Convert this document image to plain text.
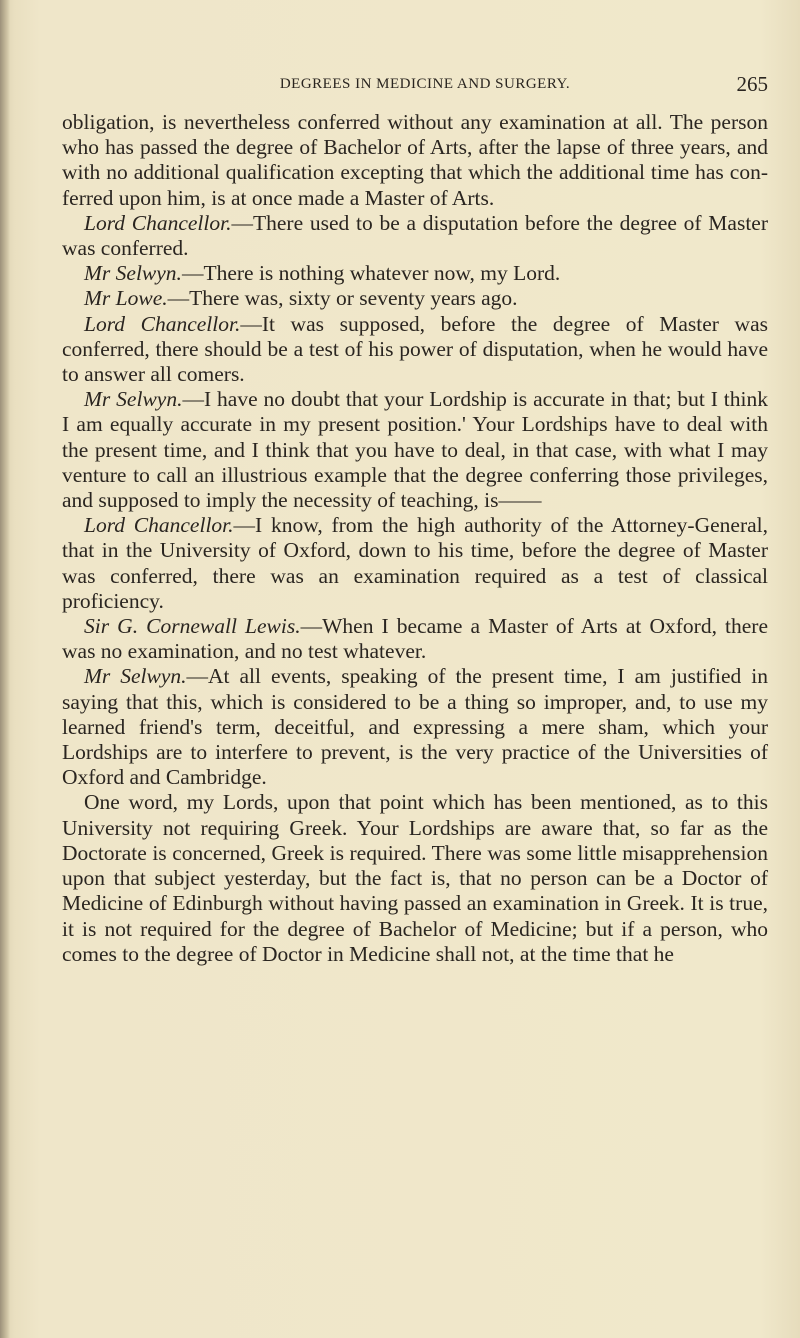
DEGREES IN MEDICINE AND SURGERY.	265

obligation, is nevertheless conferred without any examination at all. The person who has passed the degree of Bachelor of Arts, after the lapse of three years, and with no additional qualification excepting that which the additional time has conferred upon him, is at once made a Master of Arts.

Lord Chancellor.—There used to be a disputation before the degree of Master was conferred.

Mr Selwyn.—There is nothing whatever now, my Lord.

Mr Lowe.—There was, sixty or seventy years ago.

Lord Chancellor.—It was supposed, before the degree of Master was conferred, there should be a test of his power of disputation, when he would have to answer all comers.

Mr Selwyn.—I have no doubt that your Lordship is accurate in that; but I think I am equally accurate in my present position.' Your Lordships have to deal with the present time, and I think that you have to deal, in that case, with what I may venture to call an illustrious example that the degree conferring those privileges, and supposed to imply the necessity of teaching, is——

Lord Chancellor.—I know, from the high authority of the Attorney-General, that in the University of Oxford, down to his time, before the degree of Master was conferred, there was an examination required as a test of classical proficiency.

Sir G. Cornewall Lewis.—When I became a Master of Arts at Oxford, there was no examination, and no test whatever.

Mr Selwyn.—At all events, speaking of the present time, I am justified in saying that this, which is considered to be a thing so improper, and, to use my learned friend's term, deceitful, and expressing a mere sham, which your Lordships are to interfere to prevent, is the very practice of the Universities of Oxford and Cambridge.

One word, my Lords, upon that point which has been mentioned, as to this University not requiring Greek. Your Lordships are aware that, so far as the Doctorate is concerned, Greek is required. There was some little misapprehension upon that subject yesterday, but the fact is, that no person can be a Doctor of Medicine of Edinburgh without having passed an examination in Greek. It is true, it is not required for the degree of Bachelor of Medicine; but if a person, who comes to the degree of Doctor in Medicine shall not, at the time that he
